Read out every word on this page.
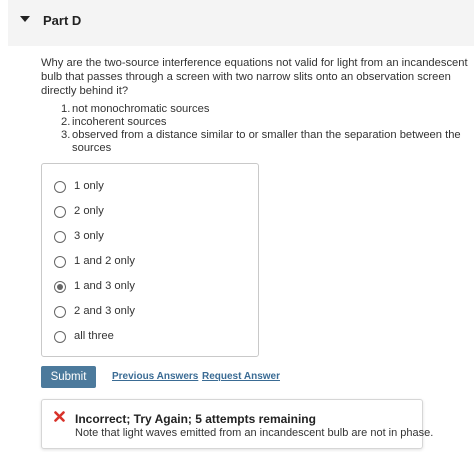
Part D
Why are the two-source interference equations not valid for light from an incandescent bulb that passes through a screen with two narrow slits onto an observation screen directly behind it?
1. not monochromatic sources
2. incoherent sources
3. observed from a distance similar to or smaller than the separation between the sources
1 only
2 only
3 only
1 and 2 only
1 and 3 only
2 and 3 only
all three
Submit	Previous Answers Request Answer
Incorrect; Try Again; 5 attempts remaining
Note that light waves emitted from an incandescent bulb are not in phase.
